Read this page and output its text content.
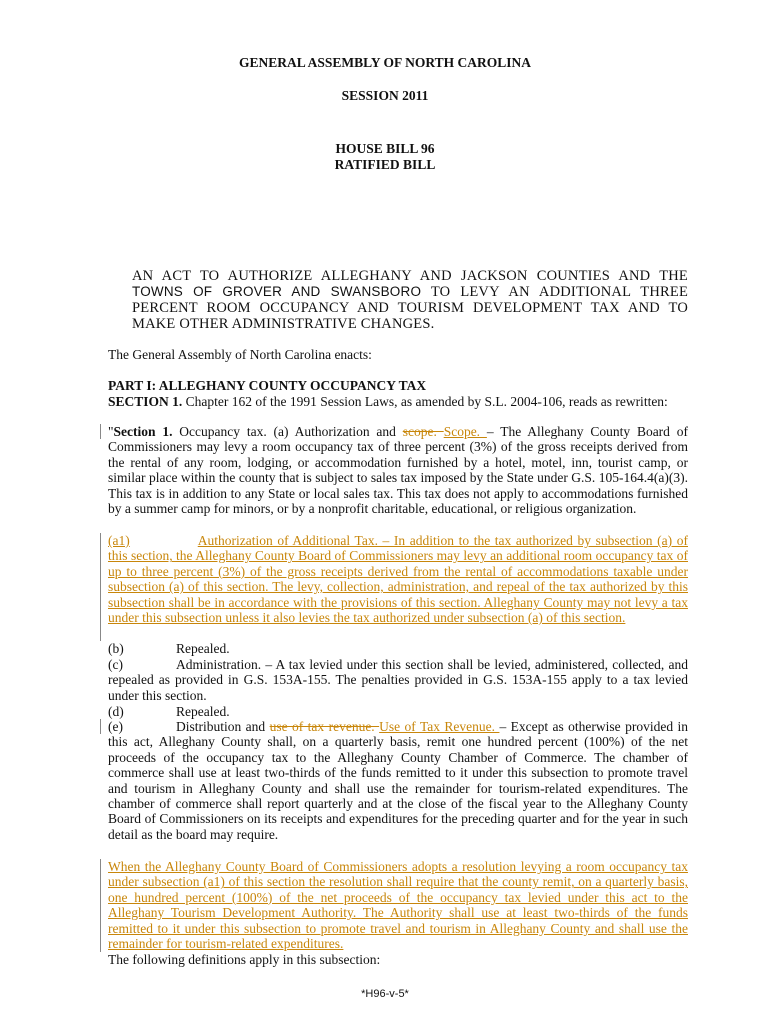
GENERAL ASSEMBLY OF NORTH CAROLINA
SESSION 2011
HOUSE BILL 96
RATIFIED BILL
AN ACT TO AUTHORIZE ALLEGHANY AND JACKSON COUNTIES AND THE
TOWNS OF GROVER AND SWANSBORO TO LEVY AN ADDITIONAL THREE
PERCENT ROOM OCCUPANCY AND TOURISM DEVELOPMENT TAX AND TO
MAKE OTHER ADMINISTRATIVE CHANGES.
The General Assembly of North Carolina enacts:
PART I: ALLEGHANY COUNTY OCCUPANCY TAX
SECTION 1. Chapter 162 of the 1991 Session Laws, as amended by S.L. 2004-106, reads as rewritten:
"Section 1. Occupancy tax. (a) Authorization and scope. Scope. – The Alleghany County Board of Commissioners may levy a room occupancy tax of three percent (3%) of the gross receipts derived from the rental of any room, lodging, or accommodation furnished by a hotel, motel, inn, tourist camp, or similar place within the county that is subject to sales tax imposed by the State under G.S. 105-164.4(a)(3). This tax is in addition to any State or local sales tax. This tax does not apply to accommodations furnished by a summer camp for minors, or by a nonprofit charitable, educational, or religious organization.
(a1)	Authorization of Additional Tax. – In addition to the tax authorized by subsection (a) of this section, the Alleghany County Board of Commissioners may levy an additional room occupancy tax of up to three percent (3%) of the gross receipts derived from the rental of accommodations taxable under subsection (a) of this section. The levy, collection, administration, and repeal of the tax authorized by this subsection shall be in accordance with the provisions of this section. Alleghany County may not levy a tax under this subsection unless it also levies the tax authorized under subsection (a) of this section.
(b)	Repealed.
(c)	Administration. – A tax levied under this section shall be levied, administered, collected, and repealed as provided in G.S. 153A-155. The penalties provided in G.S. 153A-155 apply to a tax levied under this section.
(d)	Repealed.
(e)	Distribution and use of tax revenue. Use of Tax Revenue. – Except as otherwise provided in this act, Alleghany County shall, on a quarterly basis, remit one hundred percent (100%) of the net proceeds of the occupancy tax to the Alleghany County Chamber of Commerce. The chamber of commerce shall use at least two-thirds of the funds remitted to it under this subsection to promote travel and tourism in Alleghany County and shall use the remainder for tourism-related expenditures. The chamber of commerce shall report quarterly and at the close of the fiscal year to the Alleghany County Board of Commissioners on its receipts and expenditures for the preceding quarter and for the year in such detail as the board may require.
When the Alleghany County Board of Commissioners adopts a resolution levying a room occupancy tax under subsection (a1) of this section the resolution shall require that the county remit, on a quarterly basis, one hundred percent (100%) of the net proceeds of the occupancy tax levied under this act to the Alleghany Tourism Development Authority. The Authority shall use at least two-thirds of the funds remitted to it under this subsection to promote travel and tourism in Alleghany County and shall use the remainder for tourism-related expenditures.
The following definitions apply in this subsection:
*H96-v-5*
